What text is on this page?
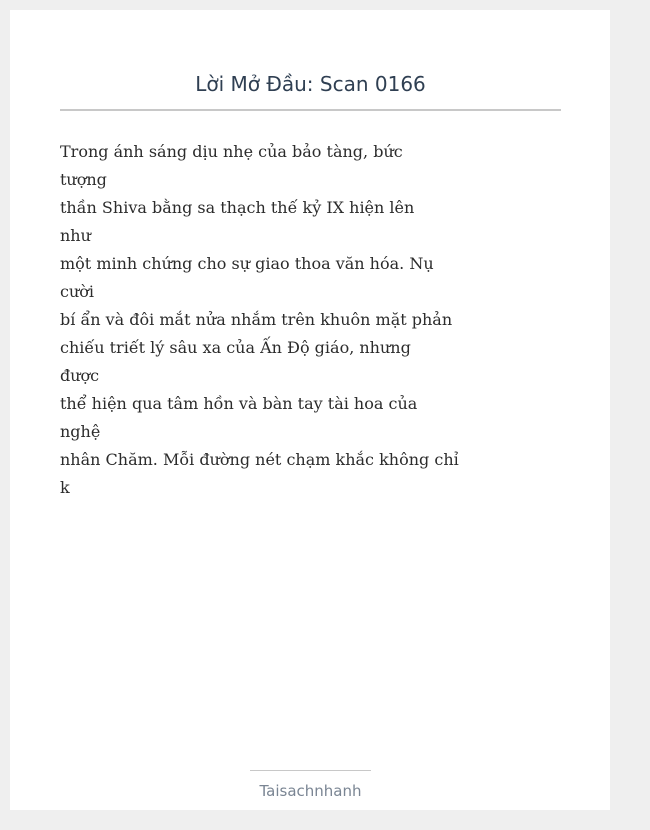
Lời Mở Đầu: Scan 0166
Trong ánh sáng dịu nhẹ của bảo tàng, bức
tượng
thần Shiva bằng sa thạch thế kỷ IX hiện lên
như
một minh chứng cho sự giao thoa văn hóa. Nụ
cười
bí ẩn và đôi mắt nửa nhắm trên khuôn mặt phản
chiếu triết lý sâu xa của Ấn Độ giáo, nhưng
được
thể hiện qua tâm hồn và bàn tay tài hoa của
nghệ
nhân Chăm. Mỗi đường nét chạm khắc không chỉ
k
Taisachnhanh
